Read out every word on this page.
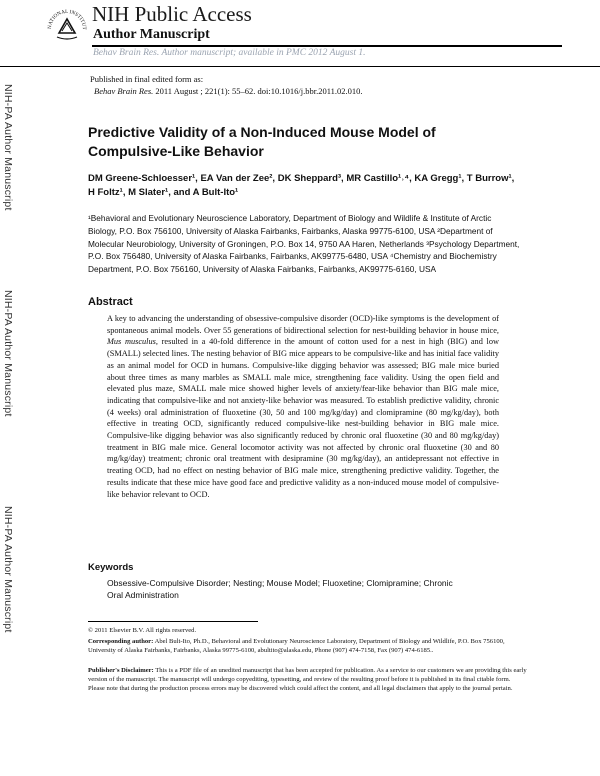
NATIONAL INSTITUT
NIH Public Access
Author Manuscript
Behav Brain Res. Author manuscript; available in PMC 2012 August 1.
Published in final edited form as:
Behav Brain Res. 2011 August ; 221(1): 55–62. doi:10.1016/j.bbr.2011.02.010.
NIH-PA Author Manuscript
NIH-PA Author Manuscript
NIH-PA Author Manuscript
Predictive Validity of a Non-Induced Mouse Model of Compulsive-Like Behavior
DM Greene-Schloesser¹, EA Van der Zee², DK Sheppard³, MR Castillo¹˒⁴, KA Gregg¹, T Burrow¹, H Foltz¹, M Slater¹, and A Bult-Ito¹
¹Behavioral and Evolutionary Neuroscience Laboratory, Department of Biology and Wildlife & Institute of Arctic Biology, P.O. Box 756100, University of Alaska Fairbanks, Fairbanks, Alaska 99775-6100, USA ²Department of Molecular Neurobiology, University of Groningen, P.O. Box 14, 9750 AA Haren, Netherlands ³Psychology Department, P.O. Box 756480, University of Alaska Fairbanks, Fairbanks, AK99775-6480, USA ⁴Chemistry and Biochemistry Department, P.O. Box 756160, University of Alaska Fairbanks, Fairbanks, AK99775-6160, USA
Abstract
A key to advancing the understanding of obsessive-compulsive disorder (OCD)-like symptoms is the development of spontaneous animal models. Over 55 generations of bidirectional selection for nest-building behavior in house mice, Mus musculus, resulted in a 40-fold difference in the amount of cotton used for a nest in high (BIG) and low (SMALL) selected lines. The nesting behavior of BIG mice appears to be compulsive-like and has initial face validity as an animal model for OCD in humans. Compulsive-like digging behavior was assessed; BIG male mice buried about three times as many marbles as SMALL male mice, strengthening face validity. Using the open field and elevated plus maze, SMALL male mice showed higher levels of anxiety/fear-like behavior than BIG male mice, indicating that compulsive-like and not anxiety-like behavior was measured. To establish predictive validity, chronic (4 weeks) oral administration of fluoxetine (30, 50 and 100 mg/kg/day) and clomipramine (80 mg/kg/day), both effective in treating OCD, significantly reduced compulsive-like nest-building behavior in BIG male mice. Compulsive-like digging behavior was also significantly reduced by chronic oral fluoxetine (30 and 80 mg/kg/day) treatment in BIG male mice. General locomotor activity was not affected by chronic oral fluoxetine (30 and 80 mg/kg/day) treatment; chronic oral treatment with desipramine (30 mg/kg/day), an antidepressant not effective in treating OCD, had no effect on nesting behavior of BIG male mice, strengthening predictive validity. Together, the results indicate that these mice have good face and predictive validity as a non-induced mouse model of compulsive-like behavior relevant to OCD.
Keywords
Obsessive-Compulsive Disorder; Nesting; Mouse Model; Fluoxetine; Clomipramine; Chronic Oral Administration
© 2011 Elsevier B.V. All rights reserved.
Corresponding author: Abel Bult-Ito, Ph.D., Behavioral and Evolutionary Neuroscience Laboratory, Department of Biology and Wildlife, P.O. Box 756100, University of Alaska Fairbanks, Fairbanks, Alaska 99775-6100, abultito@alaska.edu, Phone (907) 474-7158, Fax (907) 474-6185..
Publisher's Disclaimer: This is a PDF file of an unedited manuscript that has been accepted for publication. As a service to our customers we are providing this early version of the manuscript. The manuscript will undergo copyediting, typesetting, and review of the resulting proof before it is published in its final citable form. Please note that during the production process errors may be discovered which could affect the content, and all legal disclaimers that apply to the journal pertain.
